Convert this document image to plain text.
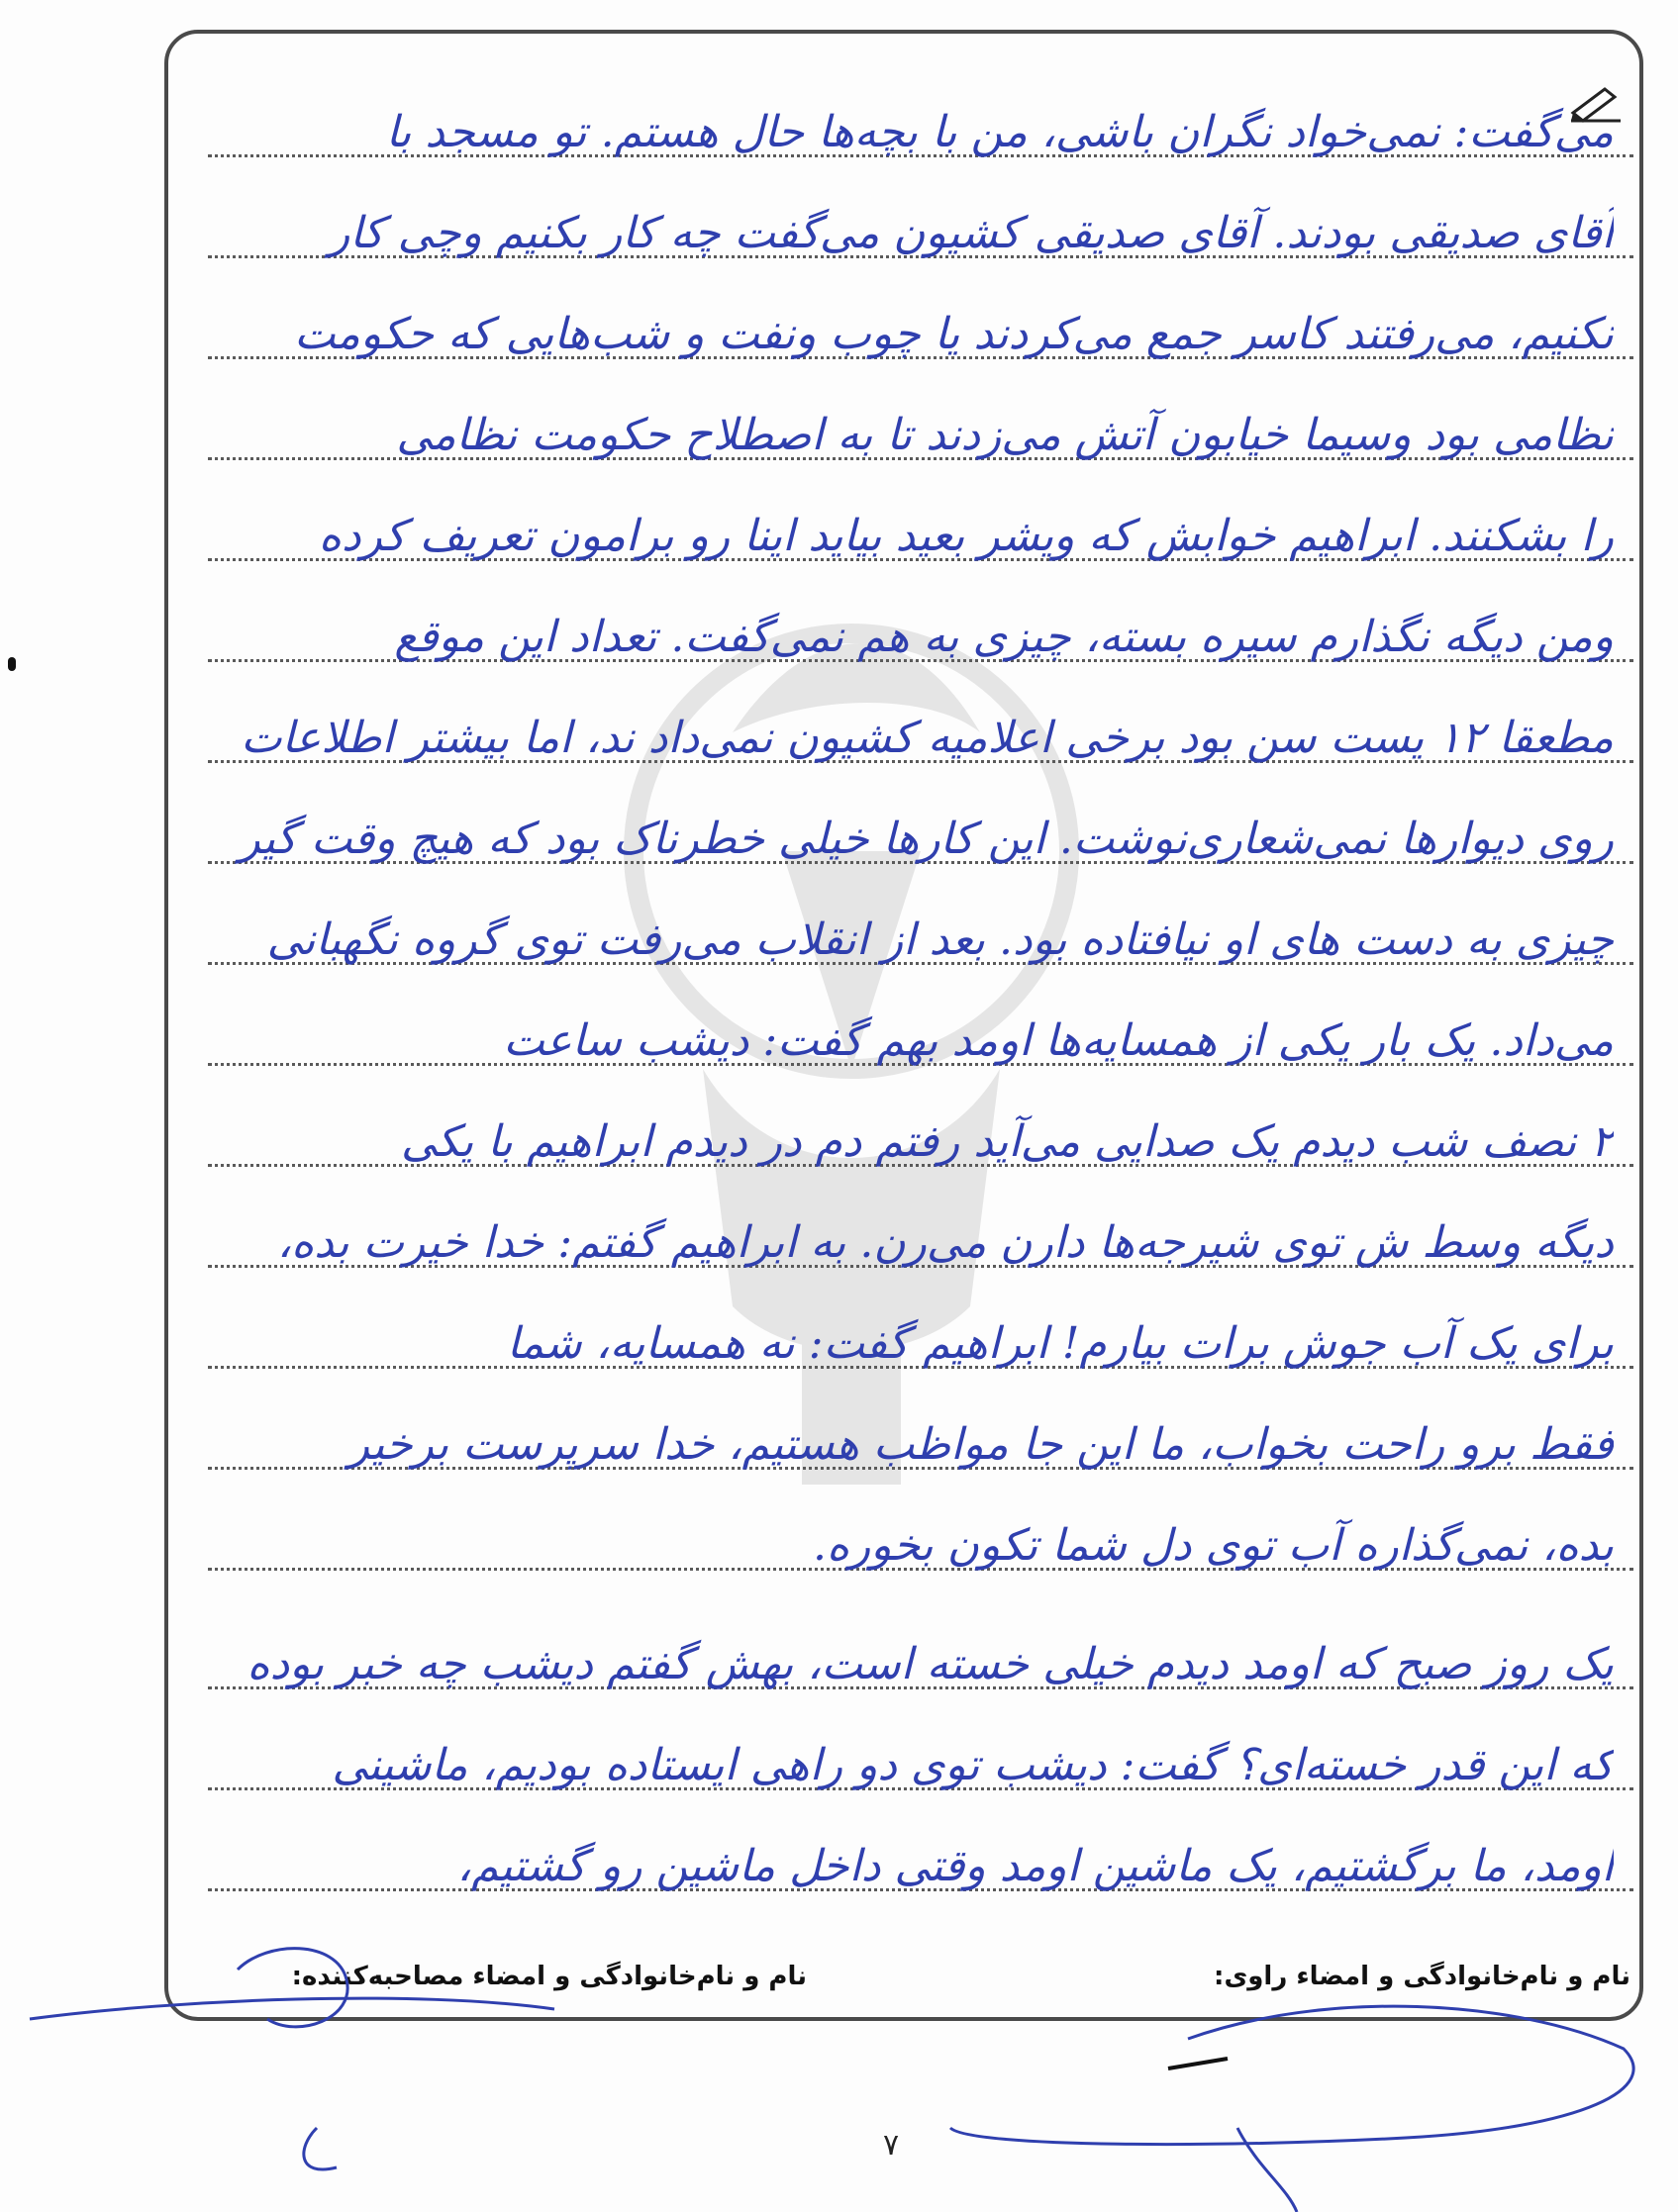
می‌گفت: نمی‌خواد نگران باشی، من با بچه‌ها حال هستم. تو مسجد با
آقای صدیقی بودند. آقای صدیقی کشیون می‌گفت چه کار بکنیم وچی کار
نکنیم، می‌رفتند کاسر جمع می‌کردند یا چوب ونفت و شب‌هایی که حکومت
نظامی بود وسیما خیابون آتش می‌زدند تا به اصطلاح حکومت نظامی
را بشکنند. ابراهیم خوابش که ویشر بعید بیاید اینا رو برامون تعریف کرده
ومن دیگه نگذارم سیره بسته، چیزی به هم نمی‌گفت. تعداد این موقع
مطعقا ۱۲ یست سن بود برخی اعلامیه کشیون نمی‌داد ند، اما بیشتر اطلاعات
روی دیوارها نمی‌شعاری‌نوشت. این کارها خیلی خطرناک بود که هیچ وقت گیر
چیزی به دست های او نیافتاده بود. بعد از انقلاب می‌رفت توی گروه نگهبانی
می‌داد. یک بار یکی از همسایه‌ها اومد بهم گفت: دیشب ساعت
۲ نصف شب دیدم یک صدایی می‌آید رفتم دم در دیدم ابراهیم با یکی
دیگه وسط ش توی شیرجه‌ها دارن می‌رن. به ابراهیم گفتم: خدا خیرت بده،
برای یک آب جوش برات بیارم! ابراهیم گفت: نه همسایه، شما
فقط برو راحت بخواب، ما این جا مواظب هستیم، خدا سرپرست برخیر
بده، نمی‌گذاره آب توی دل شما تکون بخوره.
یک روز صبح که اومد دیدم خیلی خسته است، بهش گفتم دیشب چه خبر بوده
که این قدر خسته‌ای؟ گفت: دیشب توی دو راهی ایستاده بودیم، ماشینی
اومد، ما برگشتیم، یک ماشین اومد وقتی داخل ماشین رو گشتیم،
نام و نام‌خانوادگی و امضاء راوی:
نام و نام‌خانوادگی و امضاء مصاحبه‌کننده:
۷
